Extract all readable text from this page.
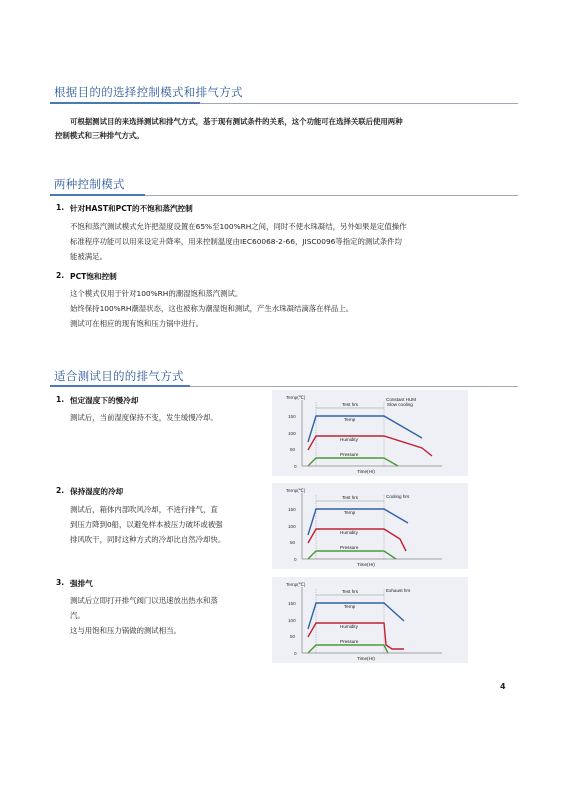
根据目的的选择控制模式和排气方式
可根据测试目的来选择测试和排气方式，基于现有测试条件的关系，这个功能可在选择关联后使用两种
控制模式和三种排气方式。
两种控制模式
1. 针对HAST和PCT的不饱和蒸汽控制
不饱和蒸汽测试模式允许把湿度设置在65%至100%RH之间，同时不使水珠凝结，另外如果是定值操作
标准程序功能可以用来设定升降率，用来控制温度由IEC60068-2-66，JISC0096等指定的测试条件均
能被满足。
2. PCT饱和控制
这个模式仅用于针对100%RH的潮湿饱和蒸汽测试。
始终保持100%RH潮湿状态，这也被称为潮湿饱和测试，产生水珠凝结滴落在样品上。
测试可在相应的现有饱和压力锅中进行。
适合测试目的的排气方式
1. 恒定湿度下的慢冷却
测试后，当前湿度保持不变，发生缓慢冷却。
Temp(℃)
150
100
50
0
Test hrs
Constant HUM
Slow cooling
Temp
Humidity
Pressure
Time(Hr)
2. 保持湿度的冷却
测试后，箱体内部吹风冷却，不进行排气，直
到压力降到0船，以避免样本被压力破坏或被强
排风吹干，同时这种方式的冷却比自然冷却快。
Temp(℃)
150
100
50
0
Test hrs	Cooling hrs
Temp
Humidity
Pressure
Time(Hr)
3. 强排气
测试后立即打开排气阀门以迅速放出热水和蒸
汽。
这与用饱和压力锅做的测试相当。
Temp(℃)
150
100
50
0
Test hrs	Exhaust hrs
Temp
Humidity
Pressure
Time(Hr)
4
